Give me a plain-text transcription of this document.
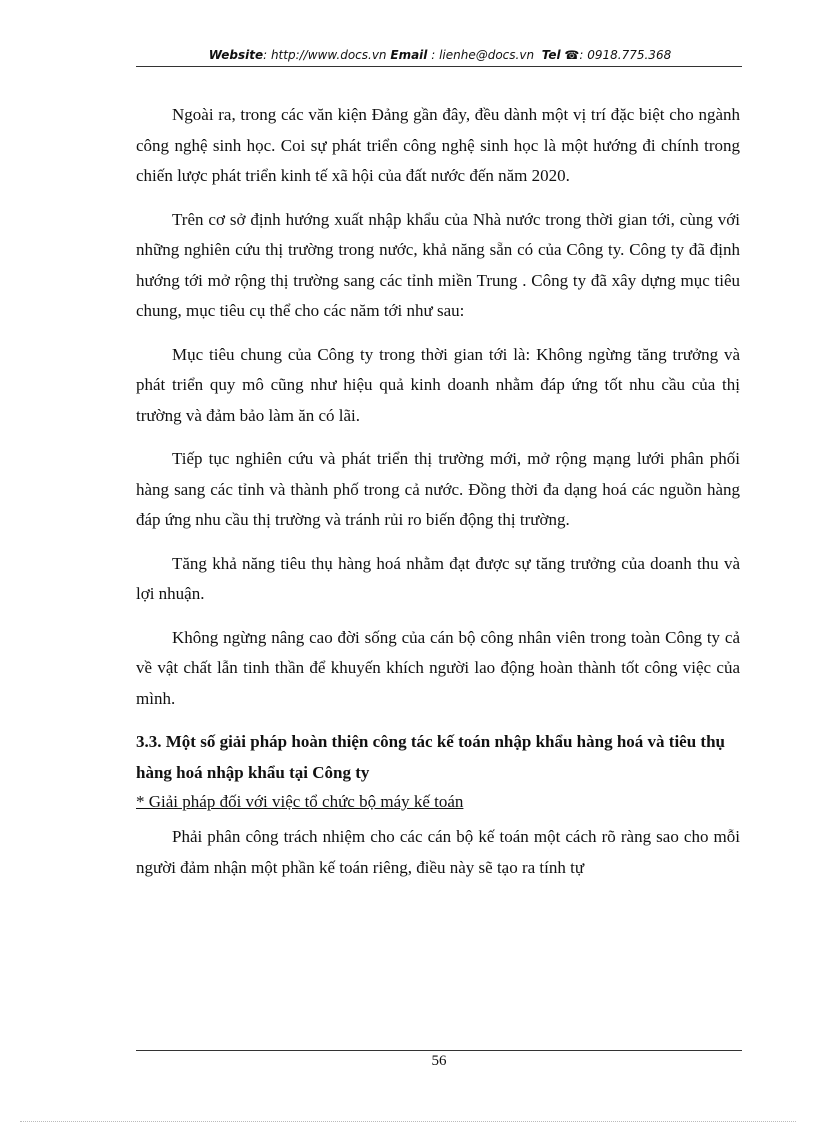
Website: http://www.docs.vn Email : lienhe@docs.vn Tel ☎: 0918.775.368

Ngoài ra, trong các văn kiện Đảng gần đây, đều dành một vị trí đặc biệt cho ngành công nghệ sinh học. Coi sự phát triển công nghệ sinh học là một hướng đi chính trong chiến lược phát triển kinh tế xã hội của đất nước đến năm 2020.

Trên cơ sở định hướng xuất nhập khẩu của Nhà nước trong thời gian tới, cùng với những nghiên cứu thị trường trong nước, khả năng sẵn có của Công ty. Công ty đã định hướng tới mở rộng thị trường sang các tỉnh miền Trung . Công ty đã xây dựng mục tiêu chung, mục tiêu cụ thể cho các năm tới như sau:

Mục tiêu chung của Công ty trong thời gian tới là: Không ngừng tăng trưởng và phát triển quy mô cũng như hiệu quả kinh doanh nhằm đáp ứng tốt nhu cầu của thị trường và đảm bảo làm ăn có lãi.

Tiếp tục nghiên cứu và phát triển thị trường mới, mở rộng mạng lưới phân phối hàng sang các tỉnh và thành phố trong cả nước. Đồng thời đa dạng hoá các nguồn hàng đáp ứng nhu cầu thị trường và tránh rủi ro biến động thị trường.

Tăng khả năng tiêu thụ hàng hoá nhằm đạt được sự tăng trưởng của doanh thu và lợi nhuận.

Không ngừng nâng cao đời sống của cán bộ công nhân viên trong toàn Công ty cả về vật chất lẫn tinh thần để khuyến khích người lao động hoàn thành tốt công việc của mình.

3.3. Một số giải pháp hoàn thiện công tác kế toán nhập khẩu hàng hoá và tiêu thụ hàng hoá nhập khẩu tại Công ty

* Giải pháp đối với việc tổ chức bộ máy kế toán

Phải phân công trách nhiệm cho các cán bộ kế toán một cách rõ ràng sao cho mỗi người đảm nhận một phần kế toán riêng, điều này sẽ tạo ra tính tự

56
